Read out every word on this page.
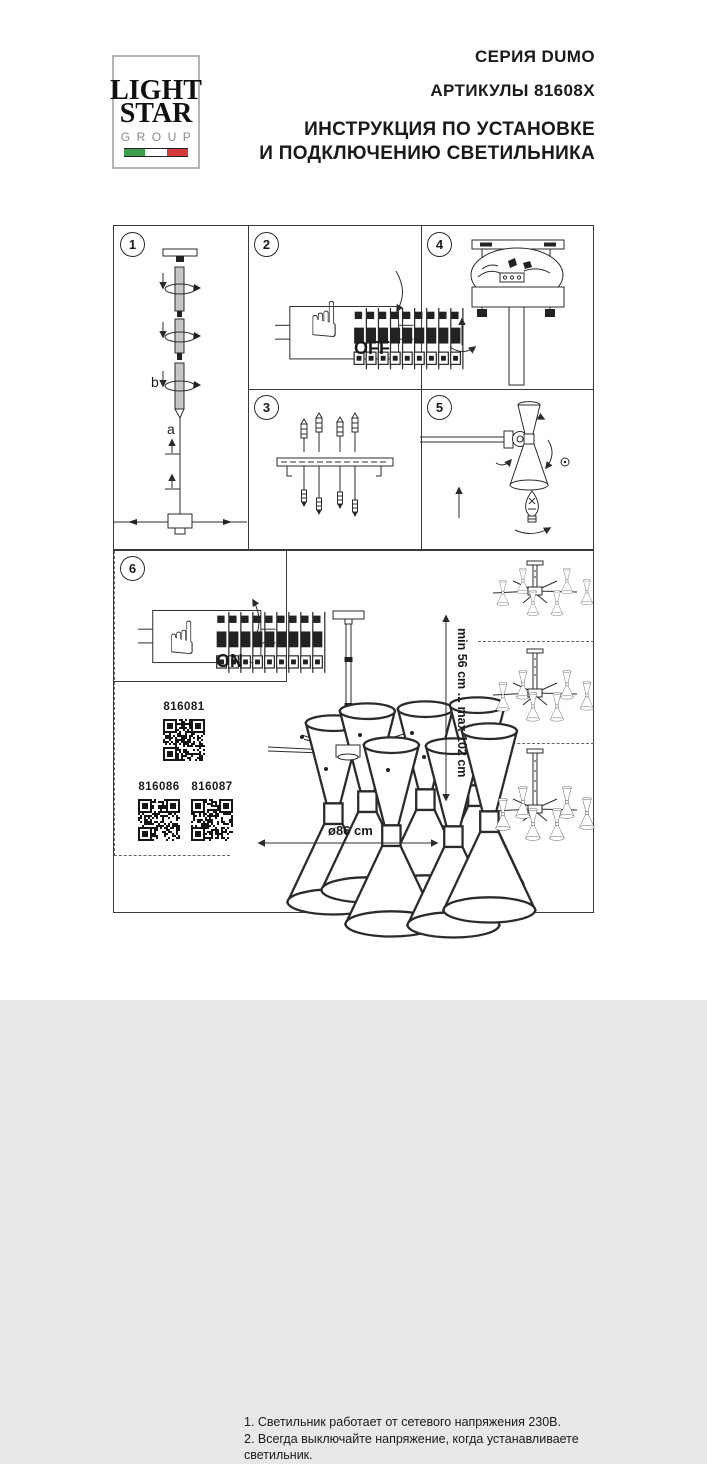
LIGHT
STAR
GROUP
СЕРИЯ DUMO
АРТИКУЛЫ 81608X
ИНСТРУКЦИЯ ПО УСТАНОВКЕ
И ПОДКЛЮЧЕНИЮ СВЕТИЛЬНИКА
1	2
3
4
5
6
b
a
☝ OFF
816081
816086 816087
1. Светильник работает от сетевого напряжения 230В.
2. Всегда выключайте напряжение, когда устанавливаете светильник.
☝ ON	min 56 cm ... max 102 cm
ø86 cm
